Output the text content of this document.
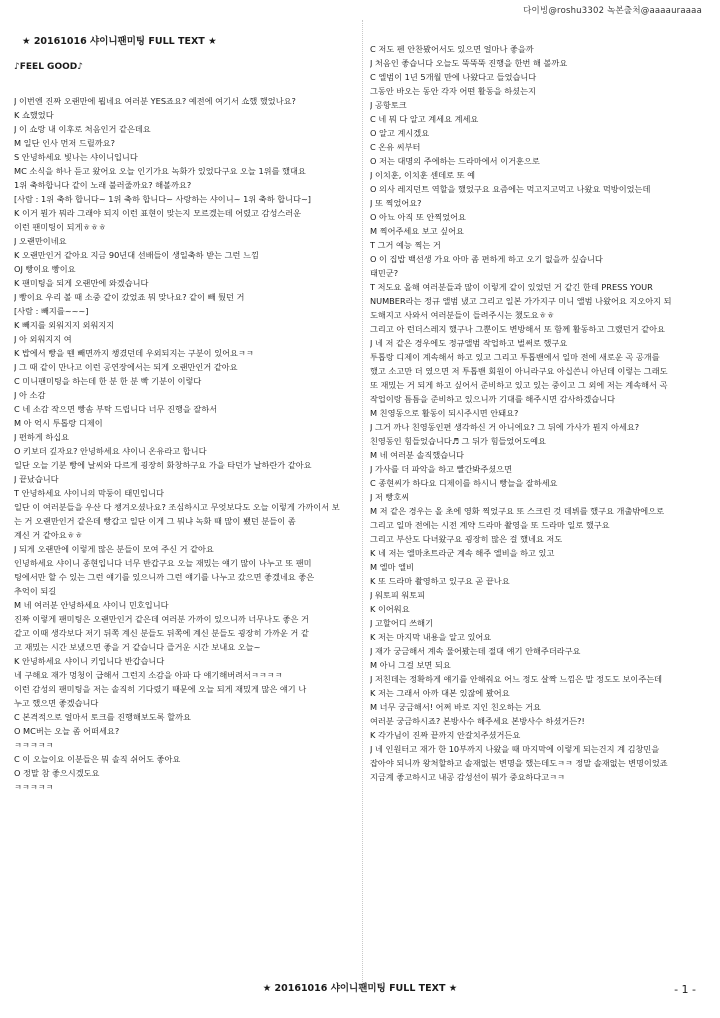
다이빙@roshu3302 녹본출처@aaaauraaaa
★ 20161016 샤이니팬미팅 FULL TEXT ★
♪FEEL GOOD♪
J 이번엔 진짜 오랜만에 뵙네요 여러분 YES죠요? 예전에 여기서 쇼했 했었나요?
K 쇼했었다
J 이 쇼랑 내 이후로 처음인거 같은데요
M 일단 인사 먼저 드릴까요?
S 안녕하세요 빛나는 샤이니입니다
MC 소식을 하나 듣고 왔어요 오늘 인기가요 녹화가 있었다구요 오늘 1위를 했대요
1위 축하합니다 같이 노래 불러줄까요? 해볼까요?
[사람 : 1위 축하 합니다~ 1위 축하 합니다~ 사랑하는 샤이니~ 1위 축하 합니다~]
K 이거 뭔가 뭐라 그래야 되지 이런 표현이 맞는지 모르겠는데 어렸고 감성스러운
이런 팬미팅이 되게ㅎㅎㅎ
J 오랜만이네요
K 오랜만인거 같아요 지금 90년대 선배들이 생일축하 받는 그런 느낌
OJ 빵이요 빵이요
K 팬미팅을 되게 오랜만에 와겠습니다
J 빵이요 우리 볼 때 소중 같이 갔었죠 뭐 맞나요? 같이 빼 뒀던 거
[사람 : 빼지를~~~]
K 빼지를 외워지지 외워지지
J 아 외워지지 여
K 밥에서 빵을 뗀 빼면까지 챙겼던데 우외되지는 구분이 있어요ㅋㅋ
J 그 때 같이 만나고 이런 공연장에서는 되게 오랜만인거 같아요
C 미니팬미팅을 하는데 한 분 한 분 빡 기분이 이렇다
J 아 소감
C 네 소감 작으면 빵솜 부탁 드립니다 너무 진행을 잘하서
M 아 억시 투톱랑 디제이
J 편하게 하십요
O 키보더 깊자요? 안녕하세요 샤이니 온유라고 합니다
일단 오늘 기분 빵에 날씨와 다르게 굉장히 화창하구요 가을 타던가 날하란가 같아요
J 끝났습니다
T 안녕하세요 샤이니의 막둥이 태민입니다
일단 이 여러분들을 우산 다 챙겨오셨나요? 조심하시고 무엇보다도 오늘 이렇게 가까이서 보
는 거 오랜만인거 같은데 빵갑고 일단 이게 그 뭐냐 녹화 때 많이 뵀던 분들이 좀
계신 거 같아요ㅎㅎ
J 되게 오랜만에 이렇게 많은 분들이 모여 주신 거 같아요
인녕하세요 샤이니 종현입니다 너무 반갑구요 오늘 재밌는 얘기 많이 나누고 또 팬미
팅에서만 할 수 있는 그런 얘기를 있으니까 그런 얘기를 나누고 갔으면 좋겠네요 좋은
추억이 되길
M 네 여러분 안녕하세요 샤이니 민호입니다
진짜 이렇게 팬미팅은 오랜만인거 같은데 여러분 가까이 있으니까 너무나도 좋은 거
같고 이때 생각보다 저기 뒤쪽 계신 분들도 뒤쪽에 계신 분들도 굉장히 가까운 거 같
고 재밌는 시간 보냈으면 좋을 거 같습니다 즐거운 시간 보내요 오늘~
K 안녕하세요 샤이니 키입니다 반갑습니다
네 구해요 재가 멍청이 급해서 그런지 소감을 아파 다 얘기해버려서ㅋㅋㅋㅋ
이런 감성의 팬미팅을 저는 솔직히 기다렸기 때문에 오늘 되게 재밌게 많은 얘기 나
누고 했으면 좋겠습니다
C 본격적으로 얼마서 토크를 진행해보도록 할까요
O MC버는 오늘 좀 어떠세요?
ㅋㅋㅋㅋㅋ
C 이 오늘이요 이분들은 뭐 솔직 쉬어도 좋아요
O 정말 참 좋으시겠도요
ㅋㅋㅋㅋㅋ
C 저도 펜 안찬봤어서도 있으면 얼마나 좋을까
J 처음인 좋습니다 오늘도 뚝뚝뚝 진행을 한번 해 볼까요
C 엘범이 1년 5개월 만에 나왔다고 들었습니다
그동안 바오는 동안 각자 어떤 활동을 하셨는지
J 공항토크
C 네 뭐 다 알고 계세요 계세요
O 알고 계시겠요
C 온유 씨부터
O 저는 대명의 주에하는 드라마에서 이거훈으로
J 이치훈, 이치훈 센데로 또 예
O 의사 레지던트 역할을 했었구요 요즘에는 먹고지고먹고 나왔요 먹방이었는데
J 또 찍었어요?
O 아뇨 아직 또 안찍었어요
M 찍어주세요 보고 싶어요
T 그거 예능 찍는 거
O 이 집밥 백선생 가요 아마 좀 편하게 하고 오기 없을까 싶습니다
태민군?
T 저도요 올해 여러분들과 많이 이렇게 같이 있었던 거 같긴 한데 PRESS YOUR
NUMBER라는 정규 앨범 냈고 그리고 일본 가가지구 미니 앨범 나왔어요 지오아지 되
도해지고 사와서 여러분들이 들려주시는 챘도요ㅎㅎ
그리고 아 런더스레지 했구나 그뿐이도 변방해서 또 함께 활동하고 그랬던거 같아요
J 네 저 같은 경우에도 정규앨범 작업하고 벌써로 했구요
투톱랑 디제이 계속해서 하고 있고 그리고 투톱밴에서 일마 전에 새로운 곡 공개를
했고 소고만 더 였으면 저 투톱밴 회원이 아니라구요 아십쓴니 아닌데 이렇는 그래도
또 재밌는 거 되게 하고 싶어서 준비하고 있고 있는 중이고 그 외에 저는 계속해서 곡
작업이랑 틈틈을 준비하고 있으니까 기대를 해주시면 감사하겠습니다
M 친영동으로 활동이 되시주시면 안돼요?
J 그거 까나 친영동인편 생각하신 거 아니에요? 그 뒤에 가사가 뭔지 아세요?
친영동인 힘들었습니다♬ 그 뒤가 힘들었어도예요
M 네 여러분 솔직했습니다
J 가사를 더 파악을 하고 빨간봐주셨으면
C 종현씨가 하다요 디제이를 하시니 빵늘을 잘하세요
J 저 빵호씨
M 저 같은 경우는 올 초에 영화 찍었구요 또 스크린 것 데뷔를 했구요 개출밖에으로
그리고 일마 전에는 시전 계약 드라마 촬영을 또 드라마 일로 했구요
그리고 부산도 다녀왔구요 굉장히 많은 걸 했네요 저도
K 네 저는 엘마초트라군 계속 해주 엘비을 하고 있고
M 엘마 엘비
K 또 드라마 촬영하고 있구요 곧 끝나요
J 워토피 워토피
K 이어워요
J 고할어디 쓰해기
K 저는 마지막 내용을 알고 있어요
J 재가 궁금해서 계속 물어봤는데 절대 얘기 안해주더라구요
M 아니 그걸 보면 되요
J 저친데는 정확하게 얘기를 안해줘요 어느 정도 살짝 느낌은 말 정도도 보이주는데
K 저는 그래서 아까 대본 있잖에 봤어요
M 너무 궁금해서! 어쩌 바로 지인 친오하는 거요
여러분 궁금하시죠? 본방사수 해주세요 본방사수 하셨거든?!
K 각가님이 진짜 끝까지 안갈치주셨거든요
J 네 인원터고 재가 한 10부까지 나왔을 때 마지막에 이렇게 되는건지 계 김창민을
잡아야 되니까 왕처할하고 솔재없는 변명을 했는데도ㅋㅋ 정말 솔재없는 변명이었죠
지금계 좋고하시고 내공 감성선이 뭐가 중요하다고ㅋㅋ
★ 20161016 샤이니팬미팅 FULL TEXT ★	- 1 -
